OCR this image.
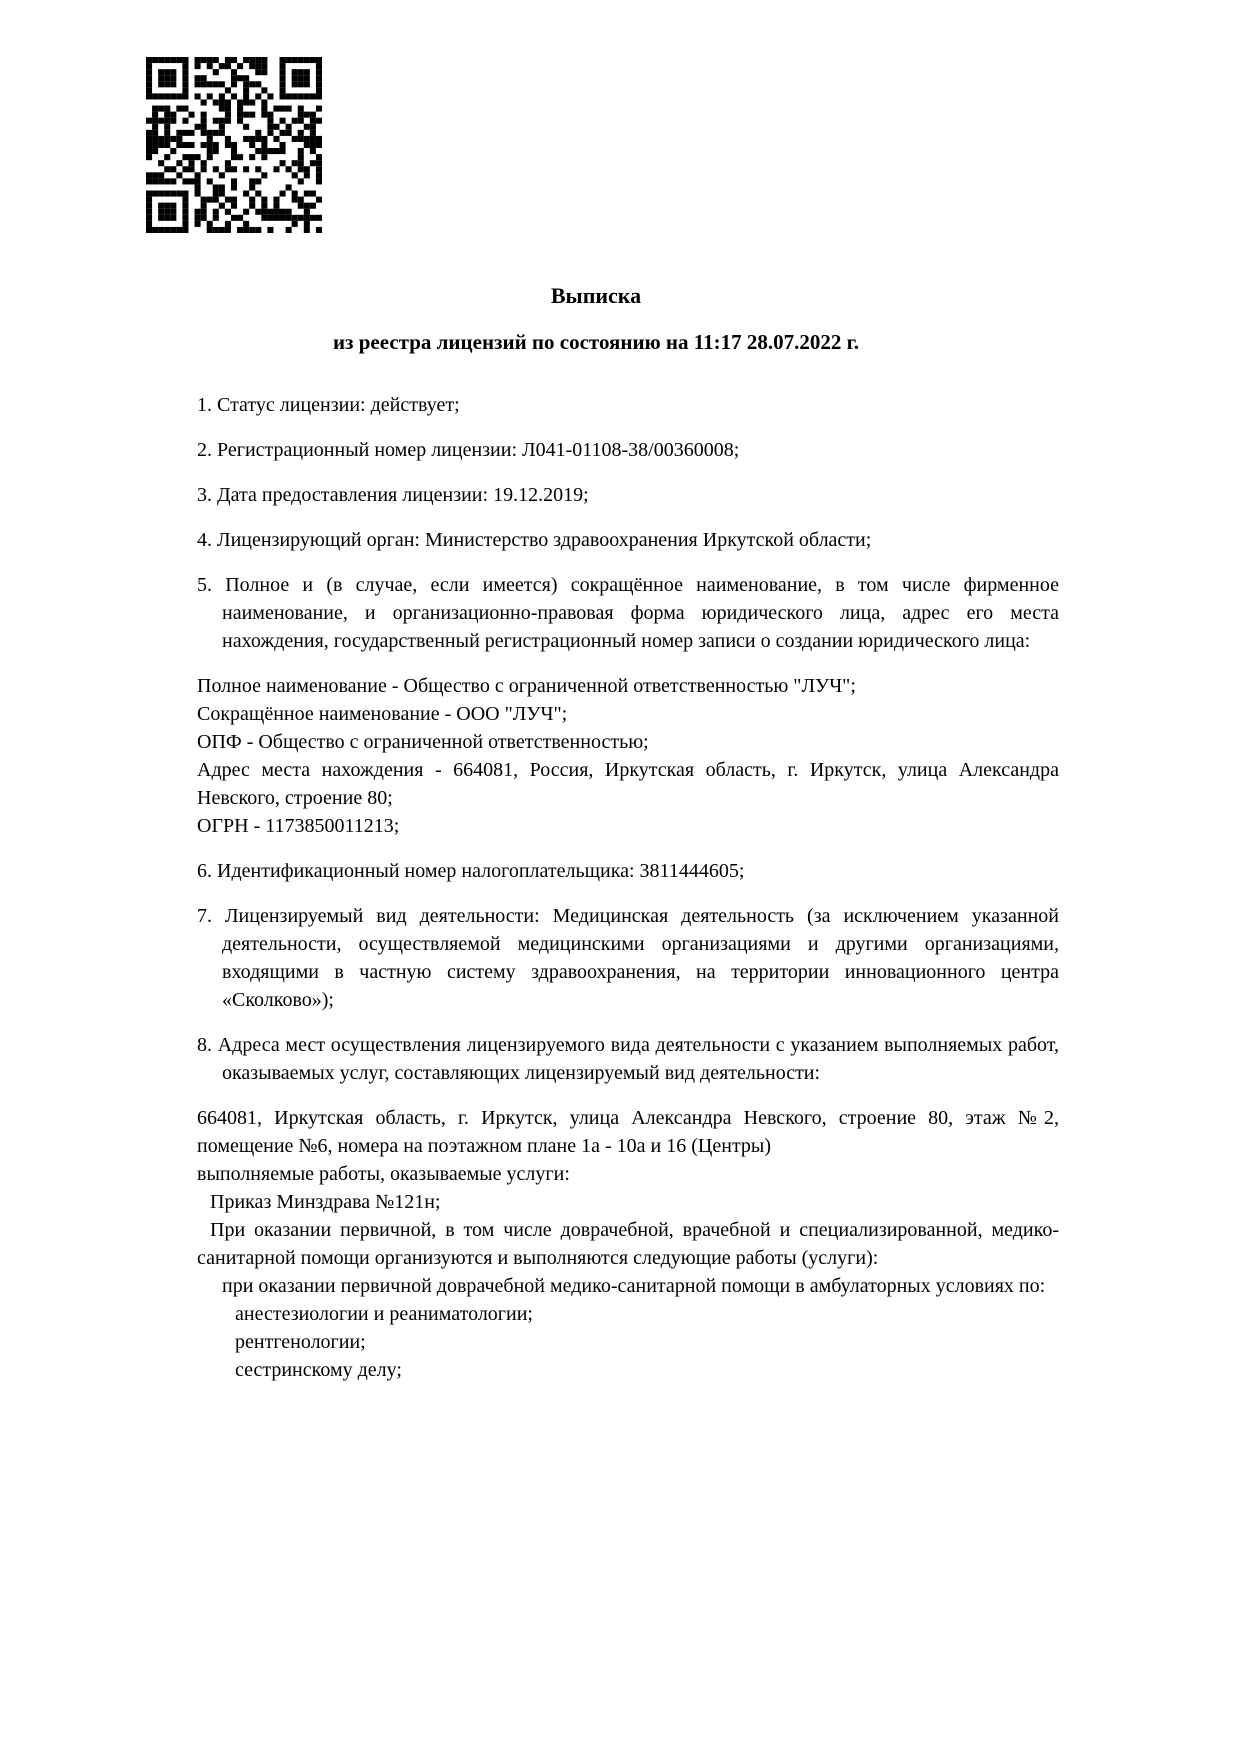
Выписка
из реестра лицензий по состоянию на 11:17 28.07.2022 г.

1. Статус лицензии: действует;

2. Регистрационный номер лицензии: Л041-01108-38/00360008;

3. Дата предоставления лицензии: 19.12.2019;

4. Лицензирующий орган: Министерство здравоохранения Иркутской области;

5. Полное и (в случае, если имеется) сокращённое наименование, в том числе фирменное наименование, и организационно-правовая форма юридического лица, адрес его места нахождения, государственный регистрационный номер записи о создании юридического лица:

Полное наименование - Общество с ограниченной ответственностью "ЛУЧ";

Сокращённое наименование - ООО "ЛУЧ";

ОПФ - Общество с ограниченной ответственностью;

Адрес места нахождения - 664081, Россия, Иркутская область, г. Иркутск, улица Александра Невского, строение 80;

ОГРН - 1173850011213;

6. Идентификационный номер налогоплательщика: 3811444605;

7. Лицензируемый вид деятельности: Медицинская деятельность (за исключением указанной деятельности, осуществляемой медицинскими организациями и другими организациями, входящими в частную систему здравоохранения, на территории инновационного центра «Сколково»);

8. Адреса мест осуществления лицензируемого вида деятельности с указанием выполняемых работ, оказываемых услуг, составляющих лицензируемый вид деятельности:

664081, Иркутская область, г. Иркутск, улица Александра Невского, строение 80, этаж №2, помещение №6, номера на поэтажном плане 1а - 10а и 16 (Центры)

выполняемые работы, оказываемые услуги:
Приказ Минздрава №121н;

При оказании первичной, в том числе доврачебной, врачебной и специализированной, медико-санитарной помощи организуются и выполняются следующие работы (услуги):

при оказании первичной доврачебной медико-санитарной помощи в амбулаторных условиях по:

анестезиологии и реаниматологии;
рентгенологии;
сестринскому делу;
